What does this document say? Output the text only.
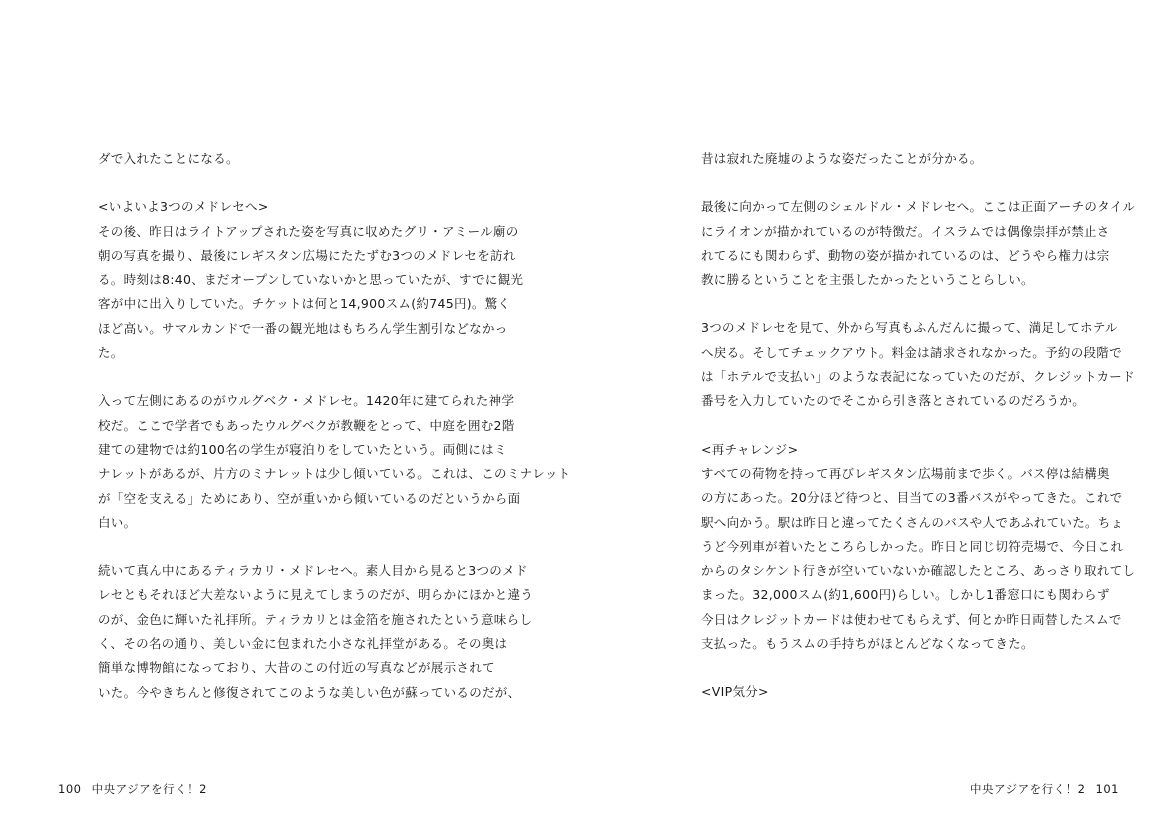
ダで入れたことになる。
<いよいよ3つのメドレセへ>
その後、昨日はライトアップされた姿を写真に収めたグリ・アミール廟の
朝の写真を撮り、最後にレギスタン広場にたたずむ3つのメドレセを訪れ
る。時刻は8:40、まだオープンしていないかと思っていたが、すでに観光
客が中に出入りしていた。チケットは何と14,900スム(約745円)。驚く
ほど高い。サマルカンドで一番の観光地はもちろん学生割引などなかっ
た。
入って左側にあるのがウルグベク・メドレセ。1420年に建てられた神学
校だ。ここで学者でもあったウルグベクが教鞭をとって、中庭を囲む2階
建ての建物では約100名の学生が寝泊りをしていたという。両側にはミ
ナレットがあるが、片方のミナレットは少し傾いている。これは、このミナレット
が「空を支える」ためにあり、空が重いから傾いているのだというから面
白い。
続いて真ん中にあるティラカリ・メドレセへ。素人目から見ると3つのメド
レセともそれほど大差ないように見えてしまうのだが、明らかにほかと違う
のが、金色に輝いた礼拝所。ティラカリとは金箔を施されたという意味らし
く、その名の通り、美しい金に包まれた小さな礼拝堂がある。その奥は
簡単な博物館になっており、大昔のこの付近の写真などが展示されて
いた。今やきちんと修復されてこのような美しい色が蘇っているのだが、
100 中央アジアを行く！2
昔は寂れた廃墟のような姿だったことが分かる。
最後に向かって左側のシェルドル・メドレセへ。ここは正面アーチのタイル
にライオンが描かれているのが特徴だ。イスラムでは偶像崇拝が禁止さ
れてるにも関わらず、動物の姿が描かれているのは、どうやら権力は宗
教に勝るということを主張したかったということらしい。
3つのメドレセを見て、外から写真もふんだんに撮って、満足してホテル
へ戻る。そしてチェックアウト。料金は請求されなかった。予約の段階で
は「ホテルで支払い」のような表記になっていたのだが、クレジットカード
番号を入力していたのでそこから引き落とされているのだろうか。
<再チャレンジ>
すべての荷物を持って再びレギスタン広場前まで歩く。バス停は結構奥
の方にあった。20分ほど待つと、目当ての3番バスがやってきた。これで
駅へ向かう。駅は昨日と違ってたくさんのバスや人であふれていた。ちょ
うど今列車が着いたところらしかった。昨日と同じ切符売場で、今日これ
からのタシケント行きが空いていないか確認したところ、あっさり取れてし
まった。32,000スム(約1,600円)らしい。しかし1番窓口にも関わらず
今日はクレジットカードは使わせてもらえず、何とか昨日両替したスムで
支払った。もうスムの手持ちがほとんどなくなってきた。
<VIP気分>
中央アジアを行く！2 101
